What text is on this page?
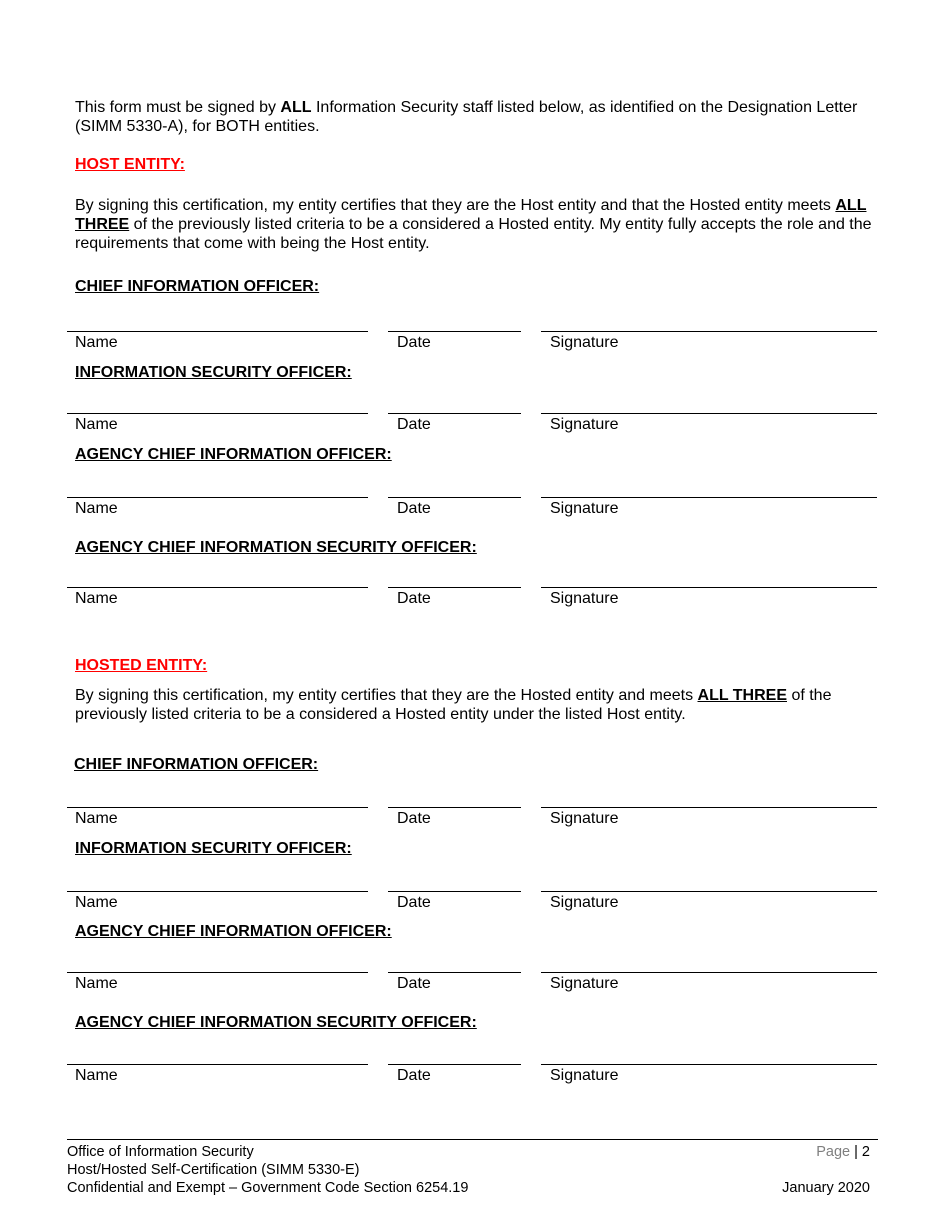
This form must be signed by ALL Information Security staff listed below, as identified on the Designation Letter (SIMM 5330-A), for BOTH entities.
HOST ENTITY:
By signing this certification, my entity certifies that they are the Host entity and that the Hosted entity meets ALL THREE of the previously listed criteria to be a considered a Hosted entity. My entity fully accepts the role and the requirements that come with being the Host entity.
CHIEF INFORMATION OFFICER:
Name	Date	Signature
INFORMATION SECURITY OFFICER:
Name	Date	Signature
AGENCY CHIEF INFORMATION OFFICER:
Name	Date	Signature
AGENCY CHIEF INFORMATION SECURITY OFFICER:
Name	Date	Signature
HOSTED ENTITY:
By signing this certification, my entity certifies that they are the Hosted entity and meets ALL THREE of the previously listed criteria to be a considered a Hosted entity under the listed Host entity.
CHIEF INFORMATION OFFICER:
Name	Date	Signature
INFORMATION SECURITY OFFICER:
Name	Date	Signature
AGENCY CHIEF INFORMATION OFFICER:
Name	Date	Signature
AGENCY CHIEF INFORMATION SECURITY OFFICER:
Name	Date	Signature
Office of Information Security
Host/Hosted Self-Certification (SIMM 5330-E)
Confidential and Exempt – Government Code Section 6254.19
Page | 2
January 2020
